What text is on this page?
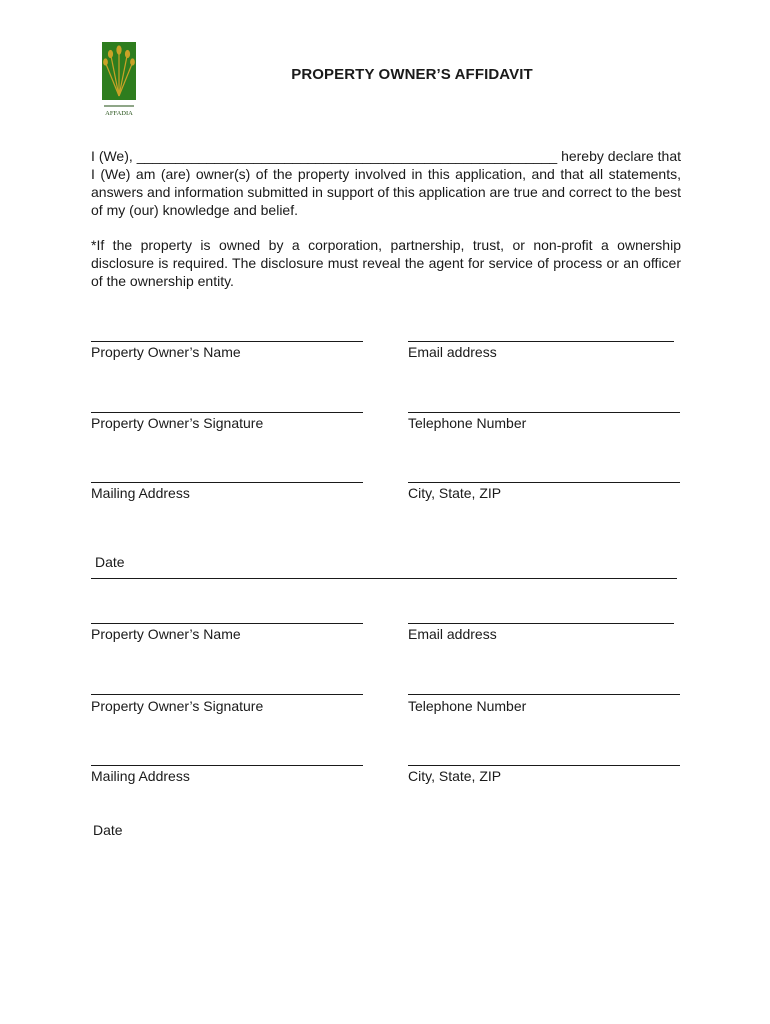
AFFADIA
PROPERTY OWNER’S AFFIDAVIT
I (We), ______________________________________________________ hereby declare that I (We) am (are) owner(s) of the property involved in this application, and that all statements, answers and information submitted in support of this application are true and correct to the best of my (our) knowledge and belief.
*If the property is owned by a corporation, partnership, trust, or non-profit a ownership disclosure is required. The disclosure must reveal the agent for service of process or an officer of the ownership entity.
Property Owner’s Name	Email address
Property Owner’s Signature	Telephone Number
Mailing Address	City, State, ZIP
Date
Property Owner’s Name	Email address
Property Owner’s Signature	Telephone Number
Mailing Address	City, State, ZIP
Date
